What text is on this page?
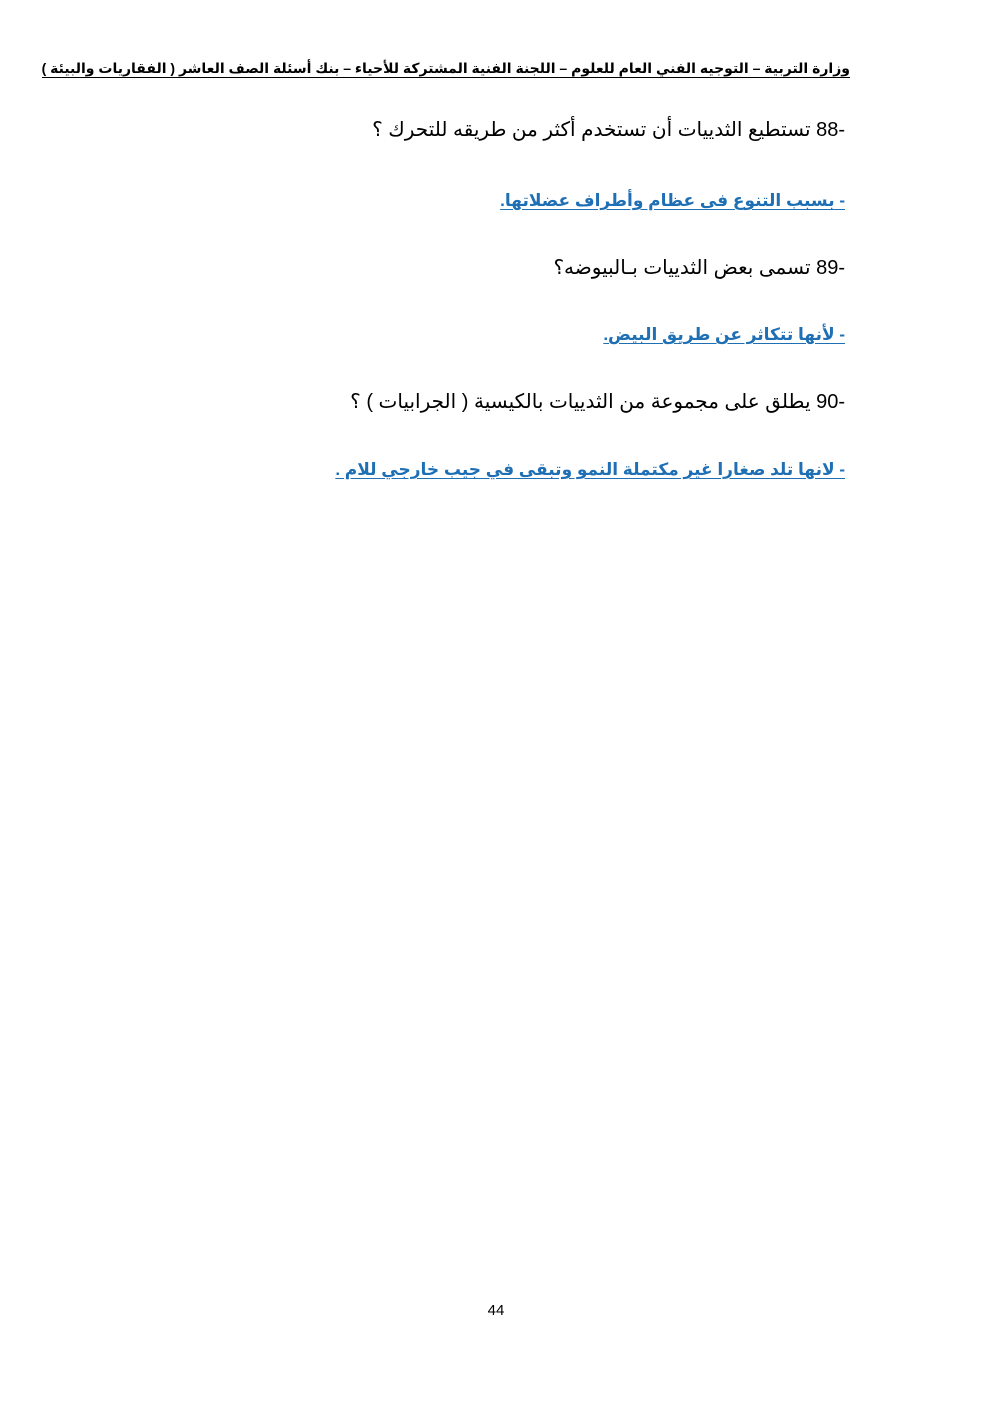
وزارة التربية – التوجيه الفني العام للعلوم – اللجنة الفنية المشتركة للأحياء – بنك أسئلة الصف العاشر ( الفقاريات والبيئة )
-88 تستطيع الثدييات أن تستخدم أكثر من طريقه للتحرك ؟
- بسبب التنوع فى عظام وأطراف عضلاتها.
-89 تسمى بعض الثدييات بـالبيوضه؟
- لأنها تتكاثر عن طريق البيض.
-90 يطلق على مجموعة من الثدييات بالكيسية ( الجرابيات ) ؟
- لانها تلد صغارا غير مكتملة النمو وتبقى في جيب خارجي للام .
44
